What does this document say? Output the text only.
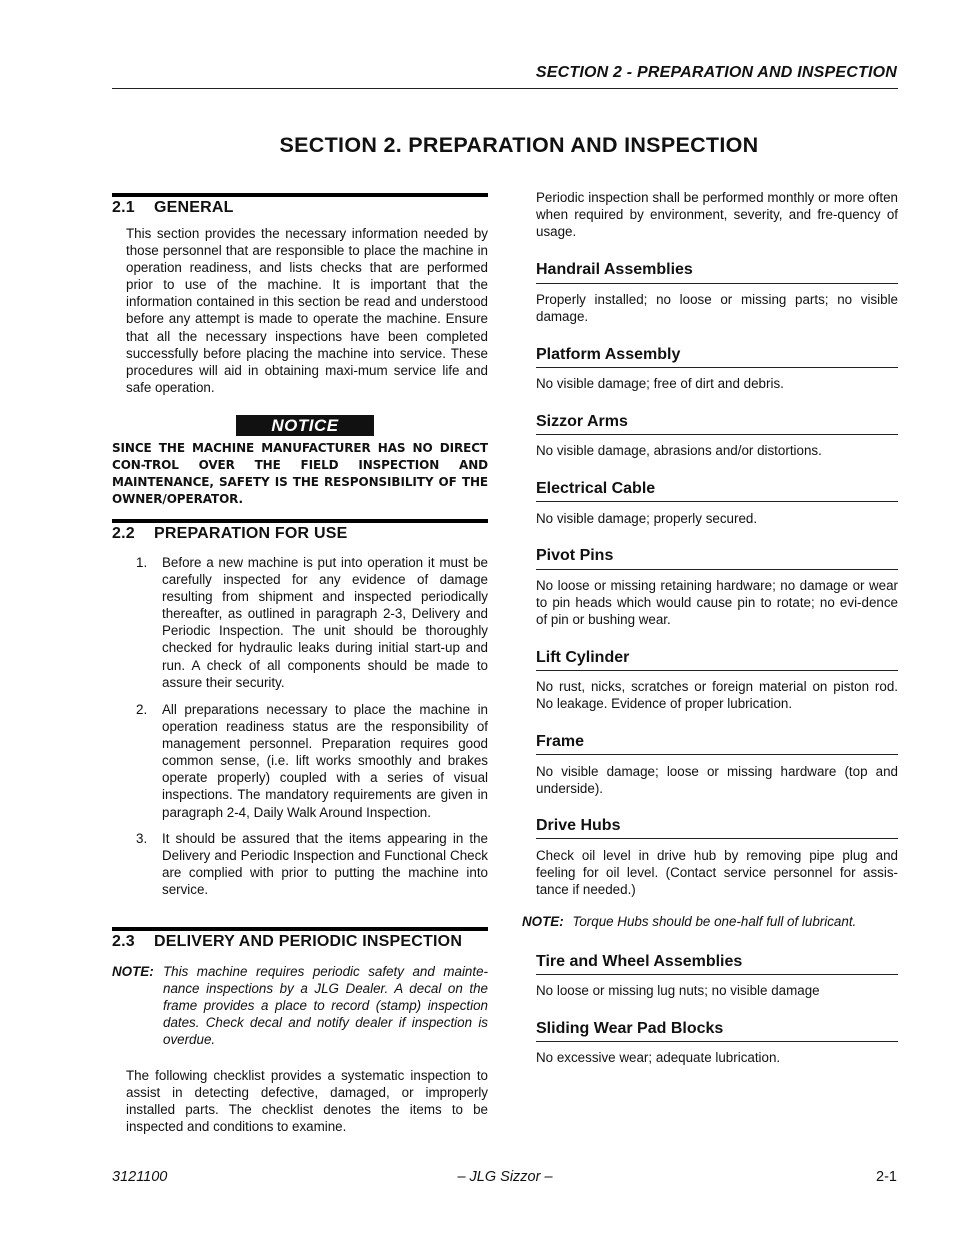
SECTION 2 - PREPARATION AND INSPECTION
SECTION 2. PREPARATION AND INSPECTION
2.1 GENERAL
This section provides the necessary information needed by those personnel that are responsible to place the machine in operation readiness, and lists checks that are performed prior to use of the machine. It is important that the information contained in this section be read and understood before any attempt is made to operate the machine. Ensure that all the necessary inspections have been completed successfully before placing the machine into service. These procedures will aid in obtaining maxi-mum service life and safe operation.
NOTICE
SINCE THE MACHINE MANUFACTURER HAS NO DIRECT CON-TROL OVER THE FIELD INSPECTION AND MAINTENANCE, SAFETY IS THE RESPONSIBILITY OF THE OWNER/OPERATOR.
2.2 PREPARATION FOR USE
1. Before a new machine is put into operation it must be carefully inspected for any evidence of damage resulting from shipment and inspected periodically thereafter, as outlined in paragraph 2-3, Delivery and Periodic Inspection. The unit should be thoroughly checked for hydraulic leaks during initial start-up and run. A check of all components should be made to assure their security.
2. All preparations necessary to place the machine in operation readiness status are the responsibility of management personnel. Preparation requires good common sense, (i.e. lift works smoothly and brakes operate properly) coupled with a series of visual inspections. The mandatory requirements are given in paragraph 2-4, Daily Walk Around Inspection.
3. It should be assured that the items appearing in the Delivery and Periodic Inspection and Functional Check are complied with prior to putting the machine into service.
2.3 DELIVERY AND PERIODIC INSPECTION
NOTE: This machine requires periodic safety and mainte-nance inspections by a JLG Dealer. A decal on the frame provides a place to record (stamp) inspection dates. Check decal and notify dealer if inspection is overdue.
The following checklist provides a systematic inspection to assist in detecting defective, damaged, or improperly installed parts. The checklist denotes the items to be inspected and conditions to examine.
Periodic inspection shall be performed monthly or more often when required by environment, severity, and fre-quency of usage.
Handrail Assemblies
Properly installed; no loose or missing parts; no visible damage.
Platform Assembly
No visible damage; free of dirt and debris.
Sizzor Arms
No visible damage, abrasions and/or distortions.
Electrical Cable
No visible damage; properly secured.
Pivot Pins
No loose or missing retaining hardware; no damage or wear to pin heads which would cause pin to rotate; no evi-dence of pin or bushing wear.
Lift Cylinder
No rust, nicks, scratches or foreign material on piston rod. No leakage. Evidence of proper lubrication.
Frame
No visible damage; loose or missing hardware (top and underside).
Drive Hubs
Check oil level in drive hub by removing pipe plug and feeling for oil level. (Contact service personnel for assis-tance if needed.)
NOTE: Torque Hubs should be one-half full of lubricant.
Tire and Wheel Assemblies
No loose or missing lug nuts; no visible damage
Sliding Wear Pad Blocks
No excessive wear; adequate lubrication.
3121100	– JLG Sizzor –	2-1
